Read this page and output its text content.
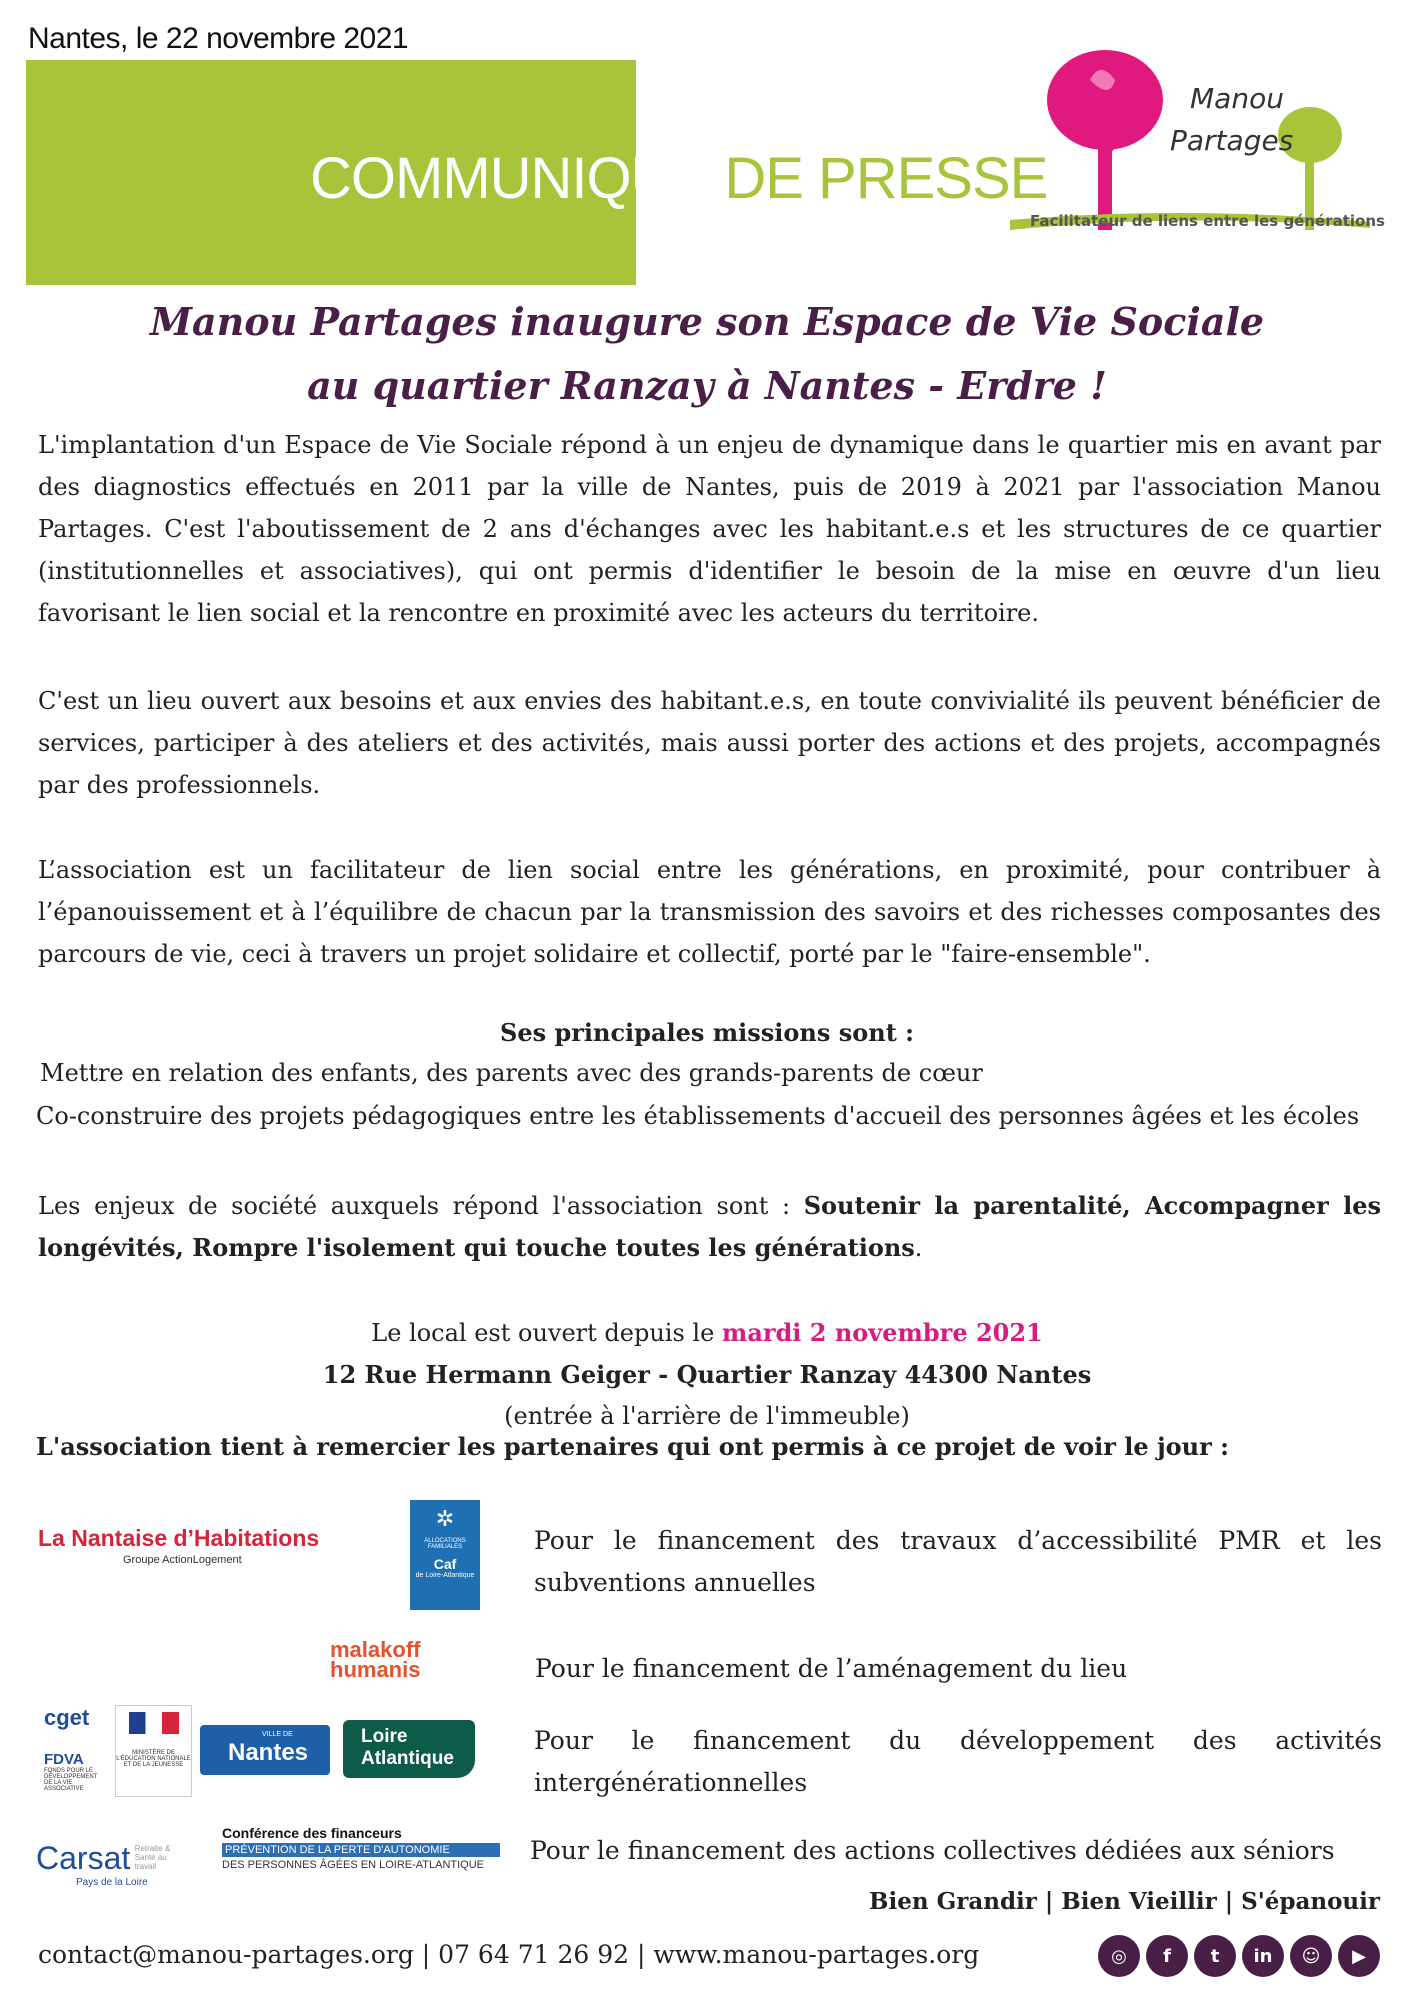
Nantes, le 22 novembre 2021
COMMUNIQUÉ DE PRESSE
Manou
Partages
Facilitateur de liens entre les générations
Manou Partages inaugure son Espace de Vie Sociale
au quartier Ranzay à Nantes - Erdre !
L'implantation d'un Espace de Vie Sociale répond à un enjeu de dynamique dans le quartier mis en avant par des diagnostics effectués en 2011 par la ville de Nantes, puis de 2019 à 2021 par l'association Manou Partages. C'est l'aboutissement de 2 ans d'échanges avec les habitant.e.s et les structures de ce quartier (institutionnelles et associatives), qui ont permis d'identifier le besoin de la mise en œuvre d'un lieu favorisant le lien social et la rencontre en proximité avec les acteurs du territoire.
C'est un lieu ouvert aux besoins et aux envies des habitant.e.s, en toute convivialité ils peuvent bénéficier de services, participer à des ateliers et des activités, mais aussi porter des actions et des projets, accompagnés par des professionnels.
L’association est un facilitateur de lien social entre les générations, en proximité, pour contribuer à l’épanouissement et à l’équilibre de chacun par la transmission des savoirs et des richesses composantes des parcours de vie, ceci à travers un projet solidaire et collectif, porté par le "faire-ensemble".
Ses principales missions sont :
Mettre en relation des enfants, des parents avec des grands-parents de cœur
Co-construire des projets pédagogiques entre les établissements d'accueil des personnes âgées et les écoles
Les enjeux de société auxquels répond l'association sont : Soutenir la parentalité, Accompagner les longévités, Rompre l'isolement qui touche toutes les générations.
Le local est ouvert depuis le mardi 2 novembre 2021
12 Rue Hermann Geiger - Quartier Ranzay 44300 Nantes
(entrée à l'arrière de l'immeuble)
L'association tient à remercier les partenaires qui ont permis à ce projet de voir le jour :
La Nantaise d’Habitations
Groupe ActionLogement
✲
ALLOCATIONS FAMILIALES
Caf
de Loire-Atlantique
malakoff
humanis
cget
FDVA
FONDS POUR LE DÉVELOPPEMENT DE LA VIE ASSOCIATIVE
MINISTÈRE DE L'ÉDUCATION NATIONALE ET DE LA JEUNESSE
VILLE DE
Nantes
Loire
Atlantique
Carsat Retraite & Santé au travail
Pays de la Loire
Conférence des financeurs
PRÉVENTION DE LA PERTE D'AUTONOMIE
DES PERSONNES ÂGÉES EN LOIRE-ATLANTIQUE
Pour le financement des travaux d’accessibilité PMR et les subventions annuelles
Pour le financement de l’aménagement du lieu
Pour le financement du développement des activités intergénérationnelles
Pour le financement des actions collectives dédiées aux séniors
Bien Grandir | Bien Vieillir | S'épanouir
contact@manou-partages.org | 07 64 71 26 92 | www.manou-partages.org	◎	f	t	in	☺	▶
